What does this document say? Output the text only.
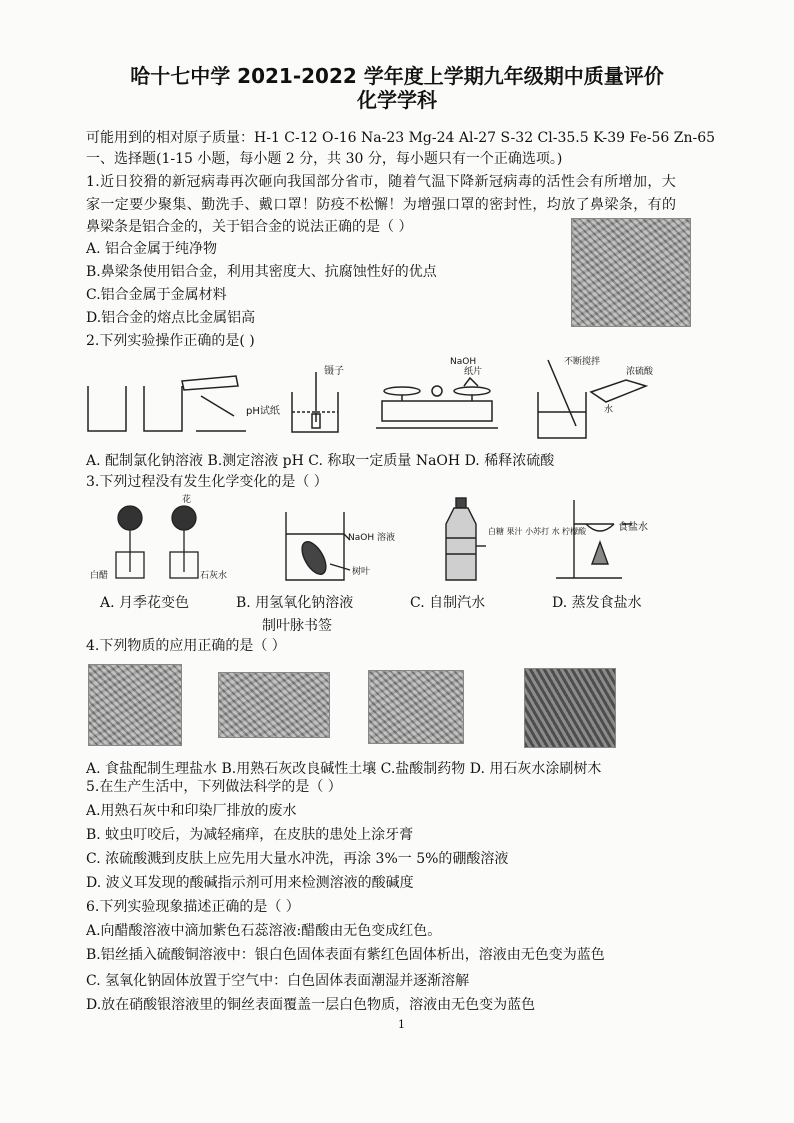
哈十七中学 2021-2022 学年度上学期九年级期中质量评价
化学学科
可能用到的相对原子质量：H-1 C-12 O-16 Na-23 Mg-24 Al-27 S-32 Cl-35.5 K-39 Fe-56 Zn-65
一、选择题(1-15 小题，每小题 2 分，共 30 分，每小题只有一个正确选项。)
1.近日狡猾的新冠病毒再次砸向我国部分省市，随着气温下降新冠病毒的活性会有所增加，大
家一定要少聚集、勤洗手、戴口罩！防疫不松懈！为增强口罩的密封性，均放了鼻梁条，有的
鼻梁条是铝合金的，关于铝合金的说法正确的是（ ）
A. 铝合金属于纯净物
B.鼻梁条使用铝合金，利用其密度大、抗腐蚀性好的优点
C.铝合金属于金属材料
D.铝合金的熔点比金属铝高
2.下列实验操作正确的是( )
pH试纸
镊子
NaOH
纸片
不断搅拌
浓硫酸
水
A. 配制氯化钠溶液 B.测定溶液 pH C. 称取一定质量 NaOH D. 稀释浓硫酸
3.下列过程没有发生化学变化的是（ ）
花
白醋	石灰水
NaOH 溶液
树叶
白糖 果汁 小苏打 水 柠檬酸	食盐水
A. 月季花变色	B. 用氢氧化钠溶液
制叶脉书签
C. 自制汽水	D. 蒸发食盐水
4.下列物质的应用正确的是（ ）
A. 食盐配制生理盐水 B.用熟石灰改良碱性土壤 C.盐酸制药物 D. 用石灰水涂刷树木
5.在生产生活中，下列做法科学的是（ ）
A.用熟石灰中和印染厂排放的废水
B. 蚊虫叮咬后，为减轻痛痒，在皮肤的患处上涂牙膏
C. 浓硫酸溅到皮肤上应先用大量水冲洗，再涂 3%一 5%的硼酸溶液
D. 波义耳发现的酸碱指示剂可用来检测溶液的酸碱度
6.下列实验现象描述正确的是（ ）
A.向醋酸溶液中滴加紫色石蕊溶液:醋酸由无色变成红色。
B.铝丝插入硫酸铜溶液中：银白色固体表面有紫红色固体析出，溶液由无色变为蓝色
C. 氢氧化钠固体放置于空气中：白色固体表面潮湿并逐渐溶解
D.放在硝酸银溶液里的铜丝表面覆盖一层白色物质，溶液由无色变为蓝色
1
